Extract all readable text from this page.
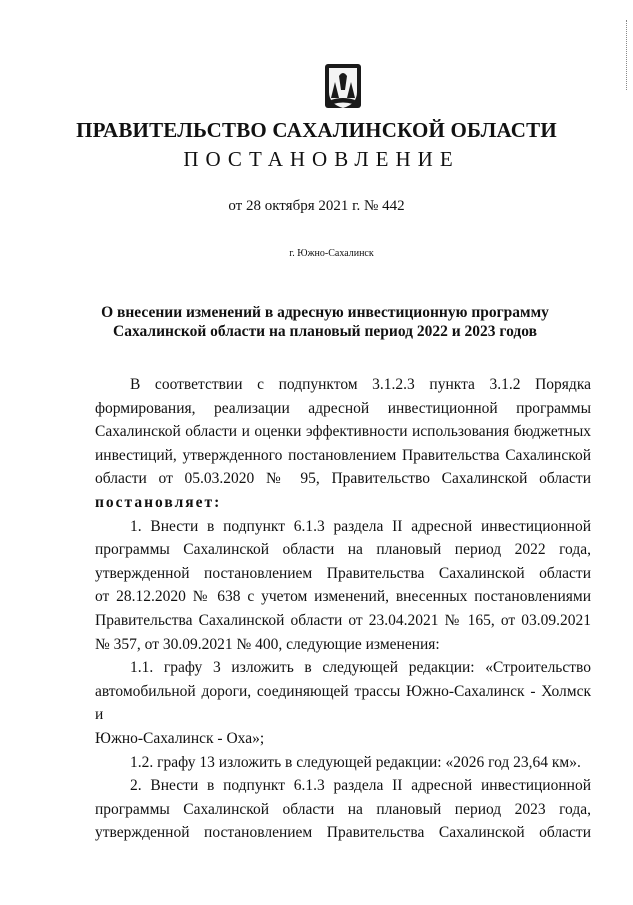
ПРАВИТЕЛЬСТВО САХАЛИНСКОЙ ОБЛАСТИ
ПОСТАНОВЛЕНИЕ
от 28 октября 2021 г. № 442
г. Южно-Сахалинск
О внесении изменений в адресную инвестиционную программу
Сахалинской области на плановый период 2022 и 2023 годов

В соответствии с подпунктом 3.1.2.3 пункта 3.1.2 Порядка

формирования, реализации адресной инвестиционной программы

Сахалинской области и оценки эффективности использования бюджетных

инвестиций, утвержденного постановлением Правительства Сахалинской

области от 05.03.2020 № 95, Правительство Сахалинской области

постановляет:

1. Внести в подпункт 6.1.3 раздела II адресной инвестиционной

программы Сахалинской области на плановый период 2022 года,

утвержденной постановлением Правительства Сахалинской области

от 28.12.2020 № 638 с учетом изменений, внесенных постановлениями

Правительства Сахалинской области от 23.04.2021 № 165, от 03.09.2021

№ 357, от 30.09.2021 № 400, следующие изменения:

1.1. графу 3 изложить в следующей редакции: «Строительство

автомобильной дороги, соединяющей трассы Южно-Сахалинск - Холмск и

Южно-Сахалинск - Оха»;

1.2. графу 13 изложить в следующей редакции: «2026 год 23,64 км».

2. Внести в подпункт 6.1.3 раздела II адресной инвестиционной

программы Сахалинской области на плановый период 2023 года,

утвержденной постановлением Правительства Сахалинской области
